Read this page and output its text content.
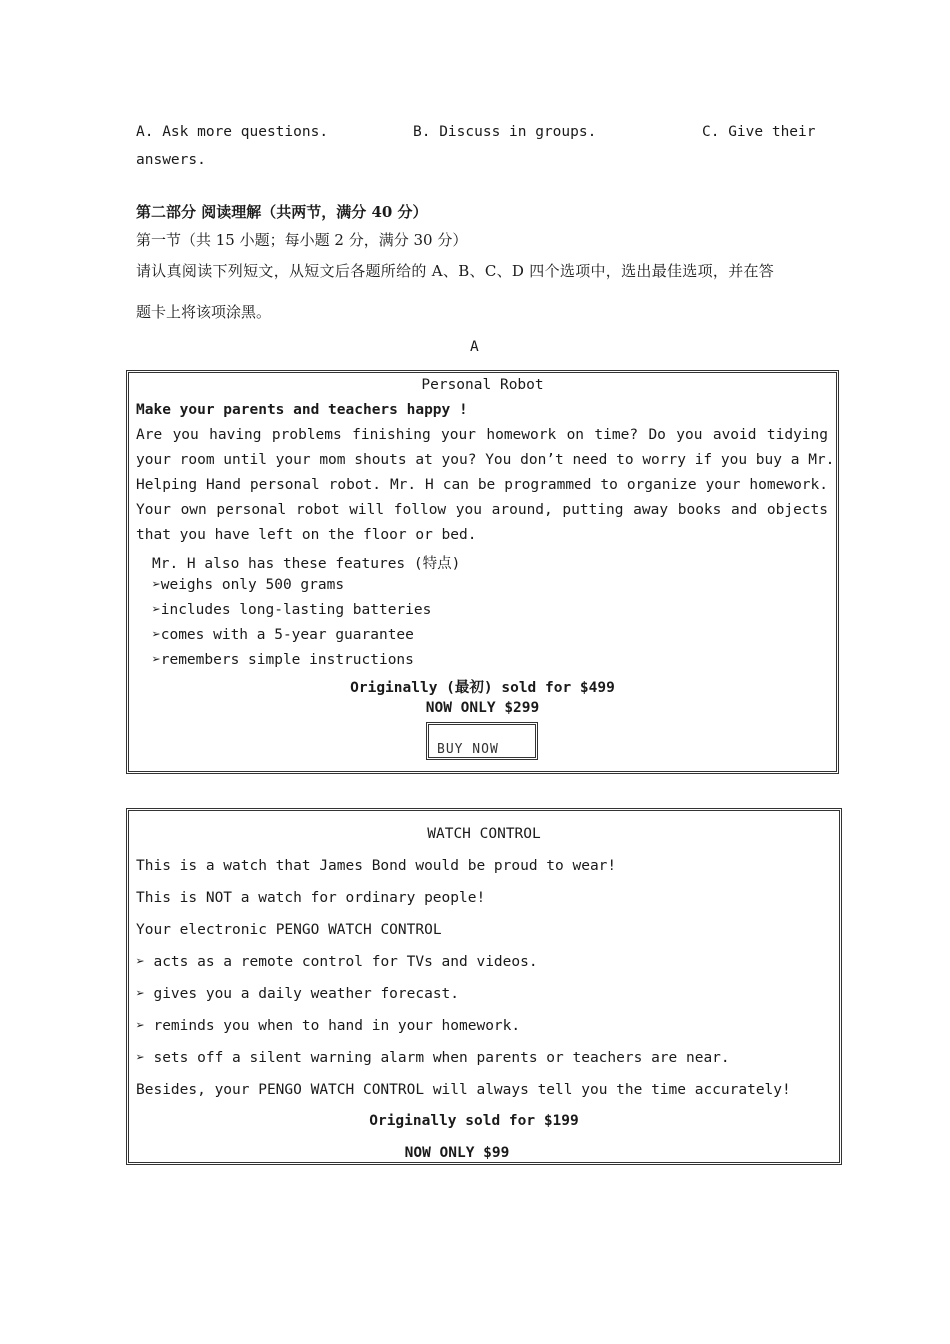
A. Ask more questions.	B. Discuss in groups.	C. Give their
answers.
第二部分 阅读理解（共两节，满分 40 分）
第一节（共 15 小题；每小题 2 分，满分 30 分）
请认真阅读下列短文，从短文后各题所给的 A、B、C、D 四个选项中，选出最佳选项，并在答
题卡上将该项涂黑。
A
Personal Robot
Make your parents and teachers happy !
Are you having problems finishing your homework on time? Do you avoid tidying
your room until your mom shouts at you? You don’t need to worry if you buy a Mr.
Helping Hand personal robot. Mr. H can be programmed to organize your homework.
Your own personal robot will follow you around, putting away books and objects
that you have left on the floor or bed.
Mr. H also has these features (特点)
➢weighs only 500 grams
➢includes long-lasting batteries
➢comes with a 5-year guarantee
➢remembers simple instructions
Originally (最初) sold for $499
NOW ONLY $299
BUY NOW
WATCH CONTROL
This is a watch that James Bond would be proud to wear!
This is NOT a watch for ordinary people!
Your electronic PENGO WATCH CONTROL
➢ acts as a remote control for TVs and videos.
➢ gives you a daily weather forecast.
➢ reminds you when to hand in your homework.
➢ sets off a silent warning alarm when parents or teachers are near.
Besides, your PENGO WATCH CONTROL will always tell you the time accurately!
Originally sold for $199
NOW ONLY $99
